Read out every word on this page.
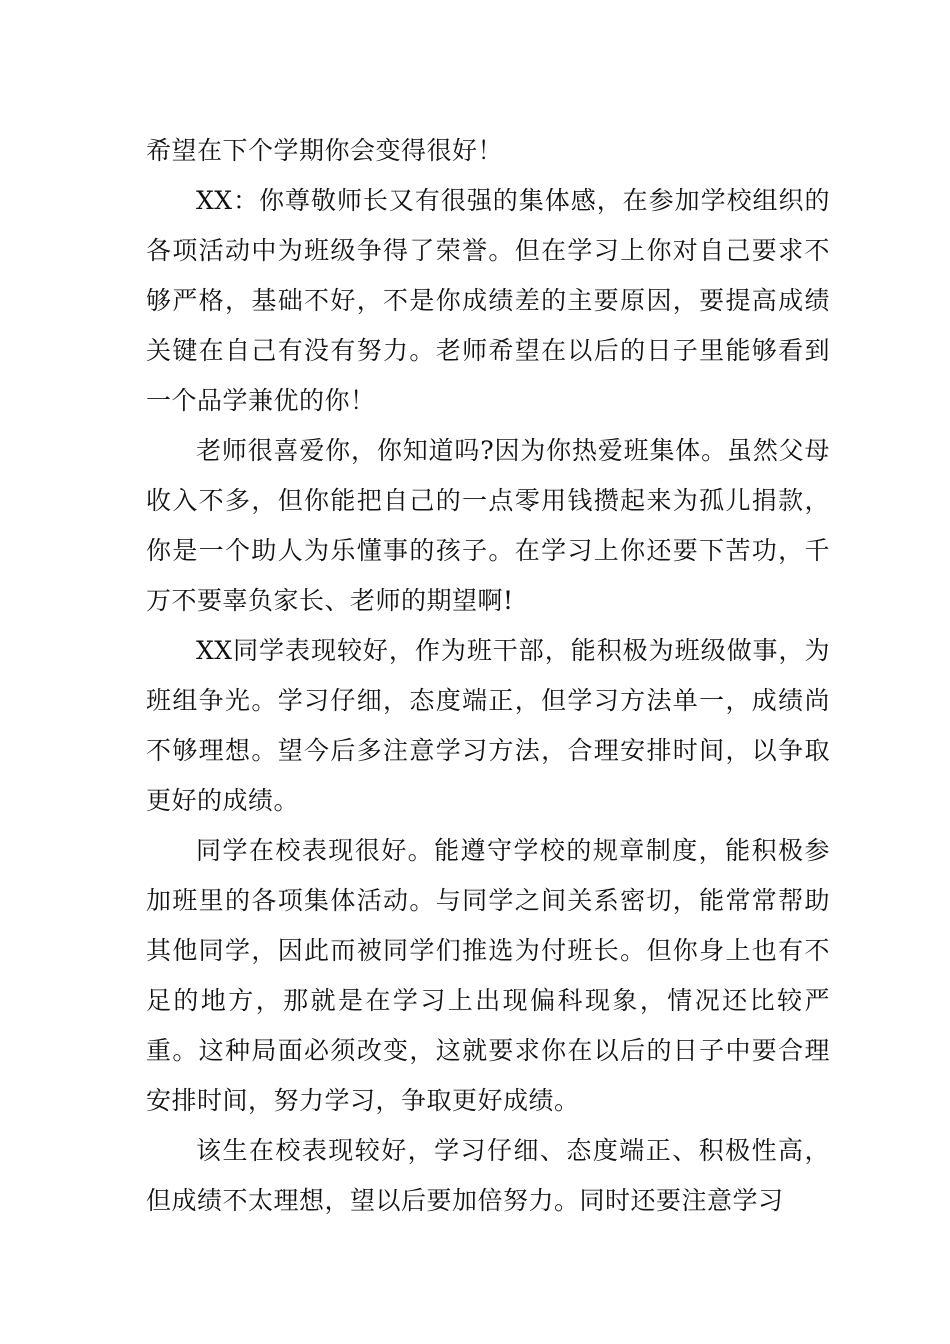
希望在下个学期你会变得很好！

XX：你尊敬师长又有很强的集体感，在参加学校组织的各项活动中为班级争得了荣誉。但在学习上你对自己要求不够严格，基础不好，不是你成绩差的主要原因，要提高成绩关键在自己有没有努力。老师希望在以后的日子里能够看到一个品学兼优的你！

老师很喜爱你，你知道吗?因为你热爱班集体。虽然父母收入不多，但你能把自己的一点零用钱攒起来为孤儿捐款，你是一个助人为乐懂事的孩子。在学习上你还要下苦功，千万不要辜负家长、老师的期望啊!

XX同学表现较好，作为班干部，能积极为班级做事，为班组争光。学习仔细，态度端正，但学习方法单一，成绩尚不够理想。望今后多注意学习方法，合理安排时间，以争取更好的成绩。

同学在校表现很好。能遵守学校的规章制度，能积极参加班里的各项集体活动。与同学之间关系密切，能常常帮助其他同学，因此而被同学们推选为付班长。但你身上也有不足的地方，那就是在学习上出现偏科现象，情况还比较严重。这种局面必须改变，这就要求你在以后的日子中要合理安排时间，努力学习，争取更好成绩。

该生在校表现较好，学习仔细、态度端正、积极性高，但成绩不太理想，望以后要加倍努力。同时还要注意学习
